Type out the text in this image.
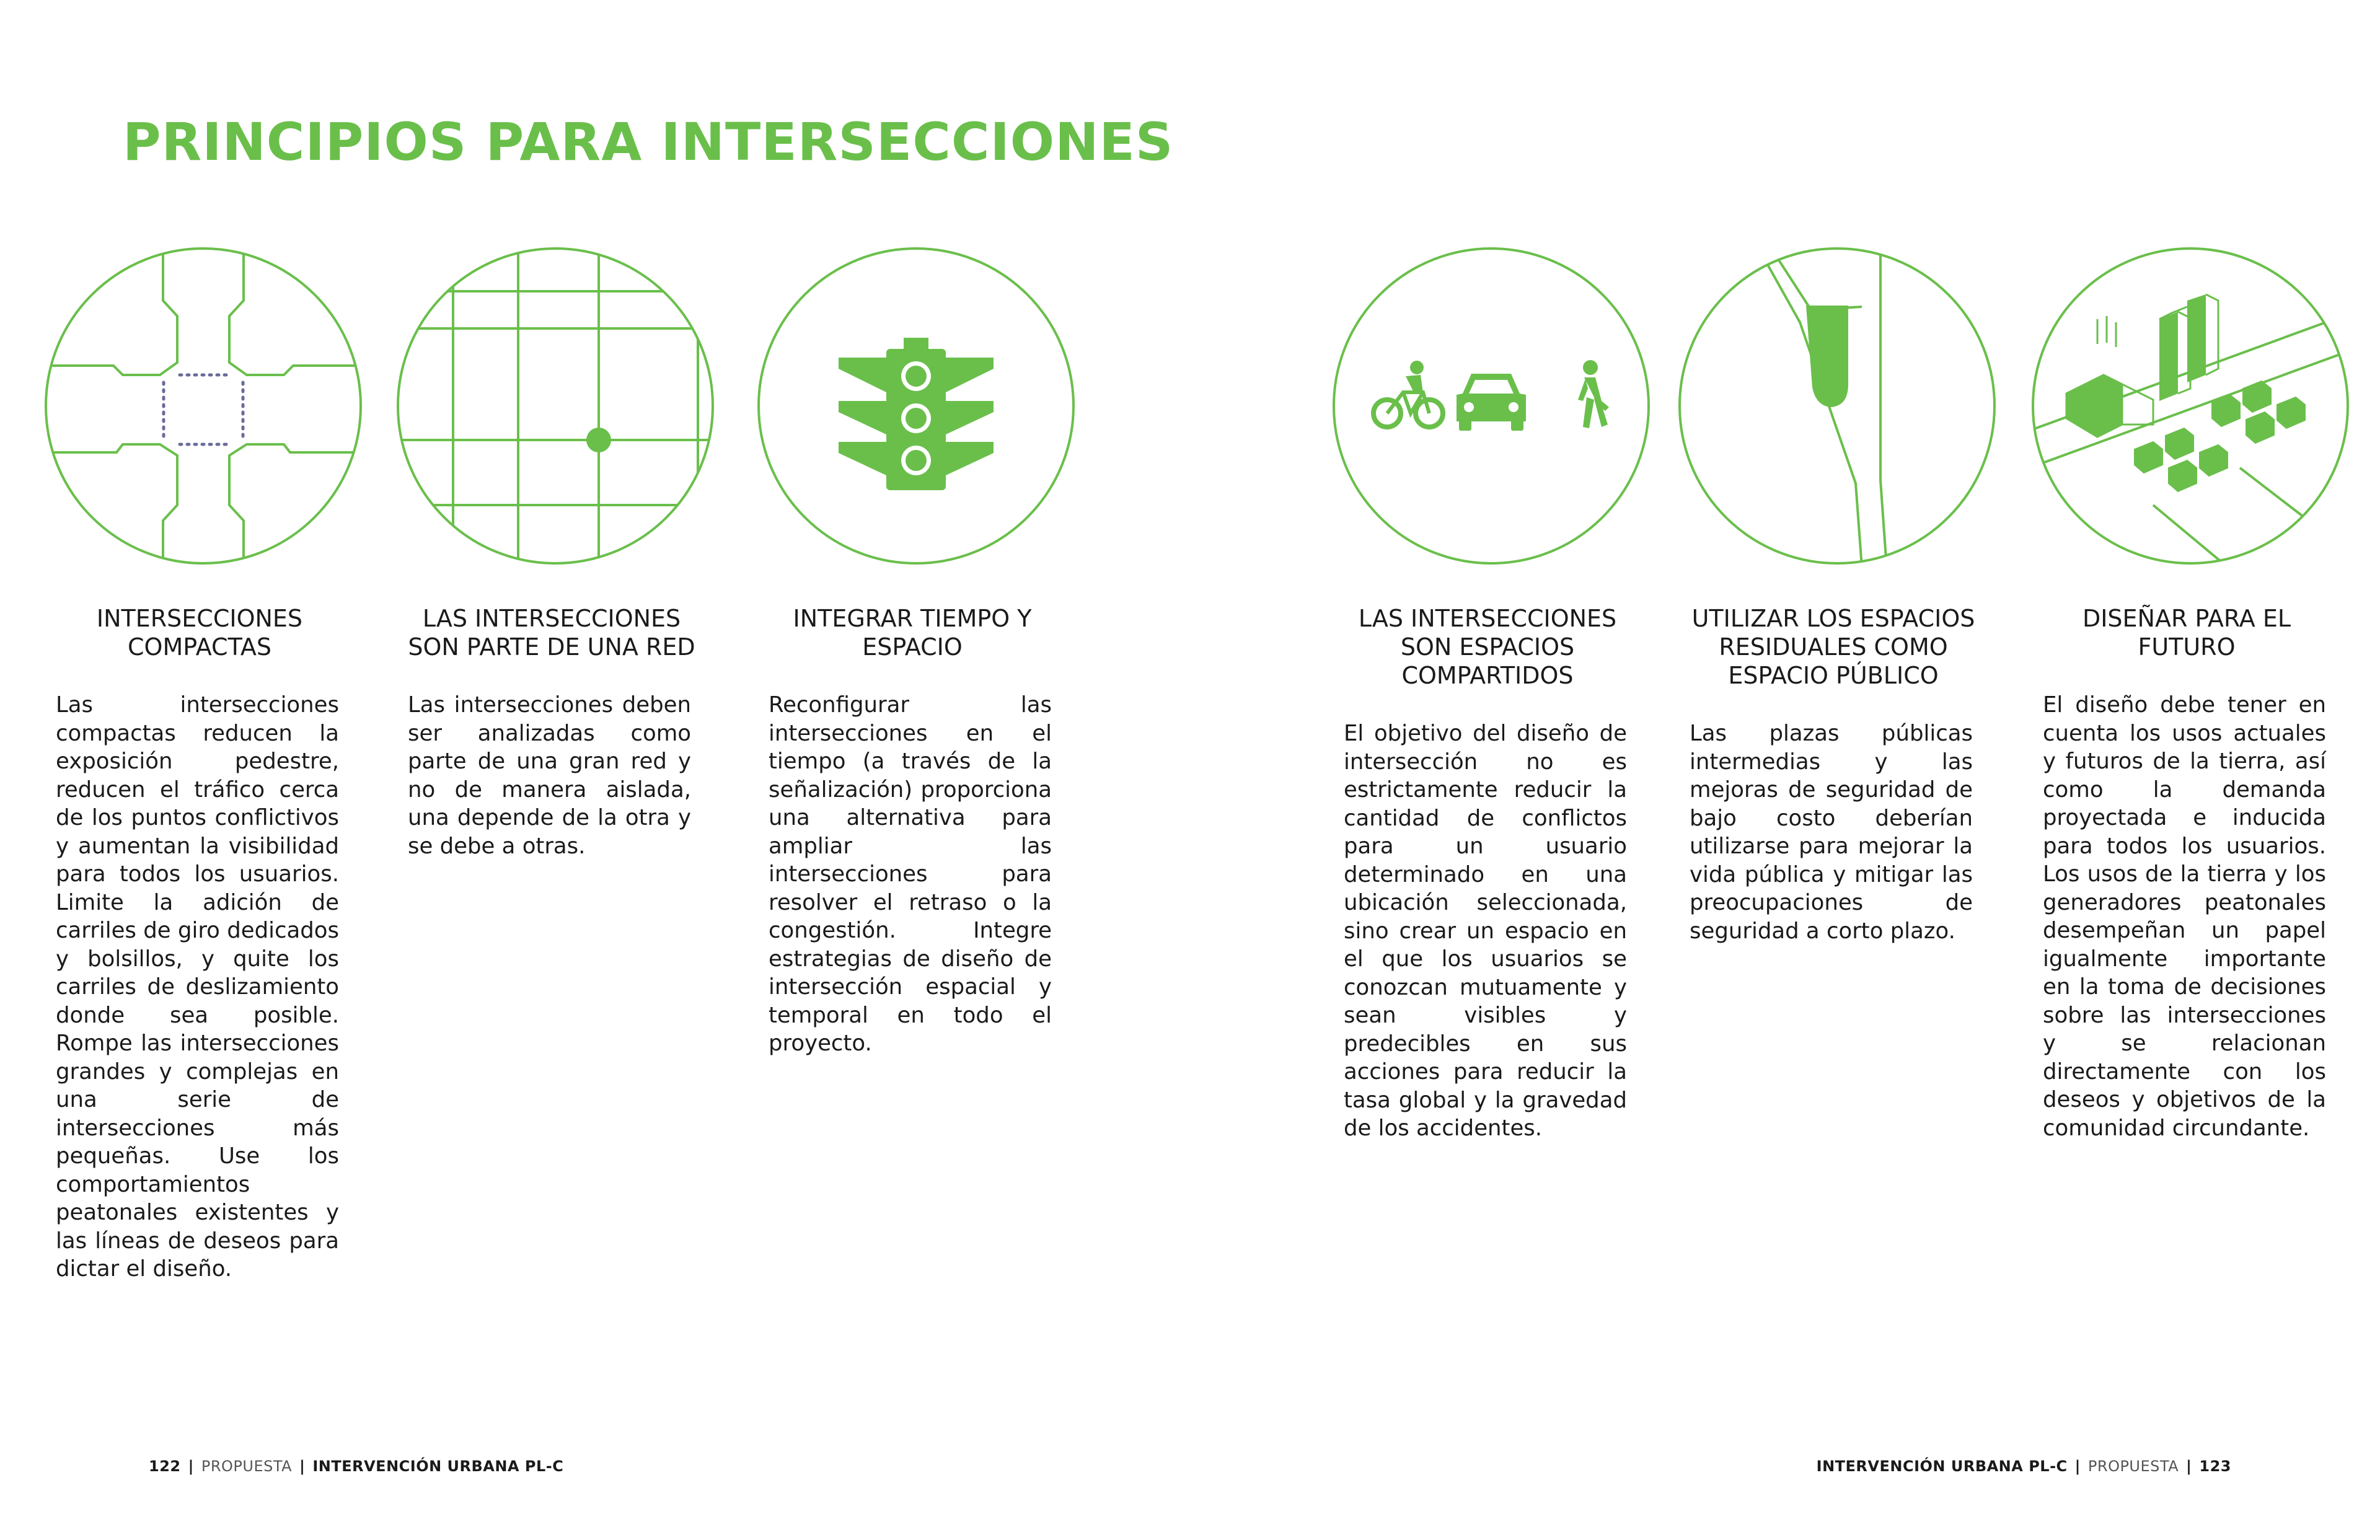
PRINCIPIOS PARA INTERSECCIONES
INTERSECCIONES COMPACTAS

Las intersecciones compactas reducen la exposición pedestre, reducen el tráfico cerca de los puntos conflictivos y aumentan la visibilidad para todos los usuarios. Limite la adición de carriles de giro dedicados y bolsillos, y quite los carriles de deslizamiento donde sea posible. Rompe las intersecciones grandes y complejas en una serie de intersecciones más pequeñas. Use los comportamientos peatonales existentes y las líneas de deseos para dictar el diseño.

LAS INTERSECCIONES SON PARTE DE UNA RED

Las intersecciones deben ser analizadas como parte de una gran red y no de manera aislada, una depende de la otra y se debe a otras.

INTEGRAR TIEMPO Y ESPACIO

Reconfigurar las intersecciones en el tiempo (a través de la señalización) proporciona una alternativa para ampliar las intersecciones para resolver el retraso o la congestión. Integre estrategias de diseño de intersección espacial y temporal en todo el proyecto.

LAS INTERSECCIONES SON ESPACIOS COMPARTIDOS

El objetivo del diseño de intersección no es estrictamente reducir la cantidad de conflictos para un usuario determinado en una ubicación seleccionada, sino crear un espacio en el que los usuarios se conozcan mutuamente y sean visibles y predecibles en sus acciones para reducir la tasa global y la gravedad de los accidentes.

UTILIZAR LOS ESPACIOS RESIDUALES COMO ESPACIO PÚBLICO

Las plazas públicas intermedias y las mejoras de seguridad de bajo costo deberían utilizarse para mejorar la vida pública y mitigar las preocupaciones de seguridad a corto plazo.

DISEÑAR PARA EL FUTURO

El diseño debe tener en cuenta los usos actuales y futuros de la tierra, así como la demanda proyectada e inducida para todos los usuarios. Los usos de la tierra y los generadores peatonales desempeñan un papel igualmente importante en la toma de decisiones sobre las intersecciones y se relacionan directamente con los deseos y objetivos de la comunidad circundante.

122 | PROPUESTA | INTERVENCIÓN URBANA PL-C	INTERVENCIÓN URBANA PL-C | PROPUESTA | 123
